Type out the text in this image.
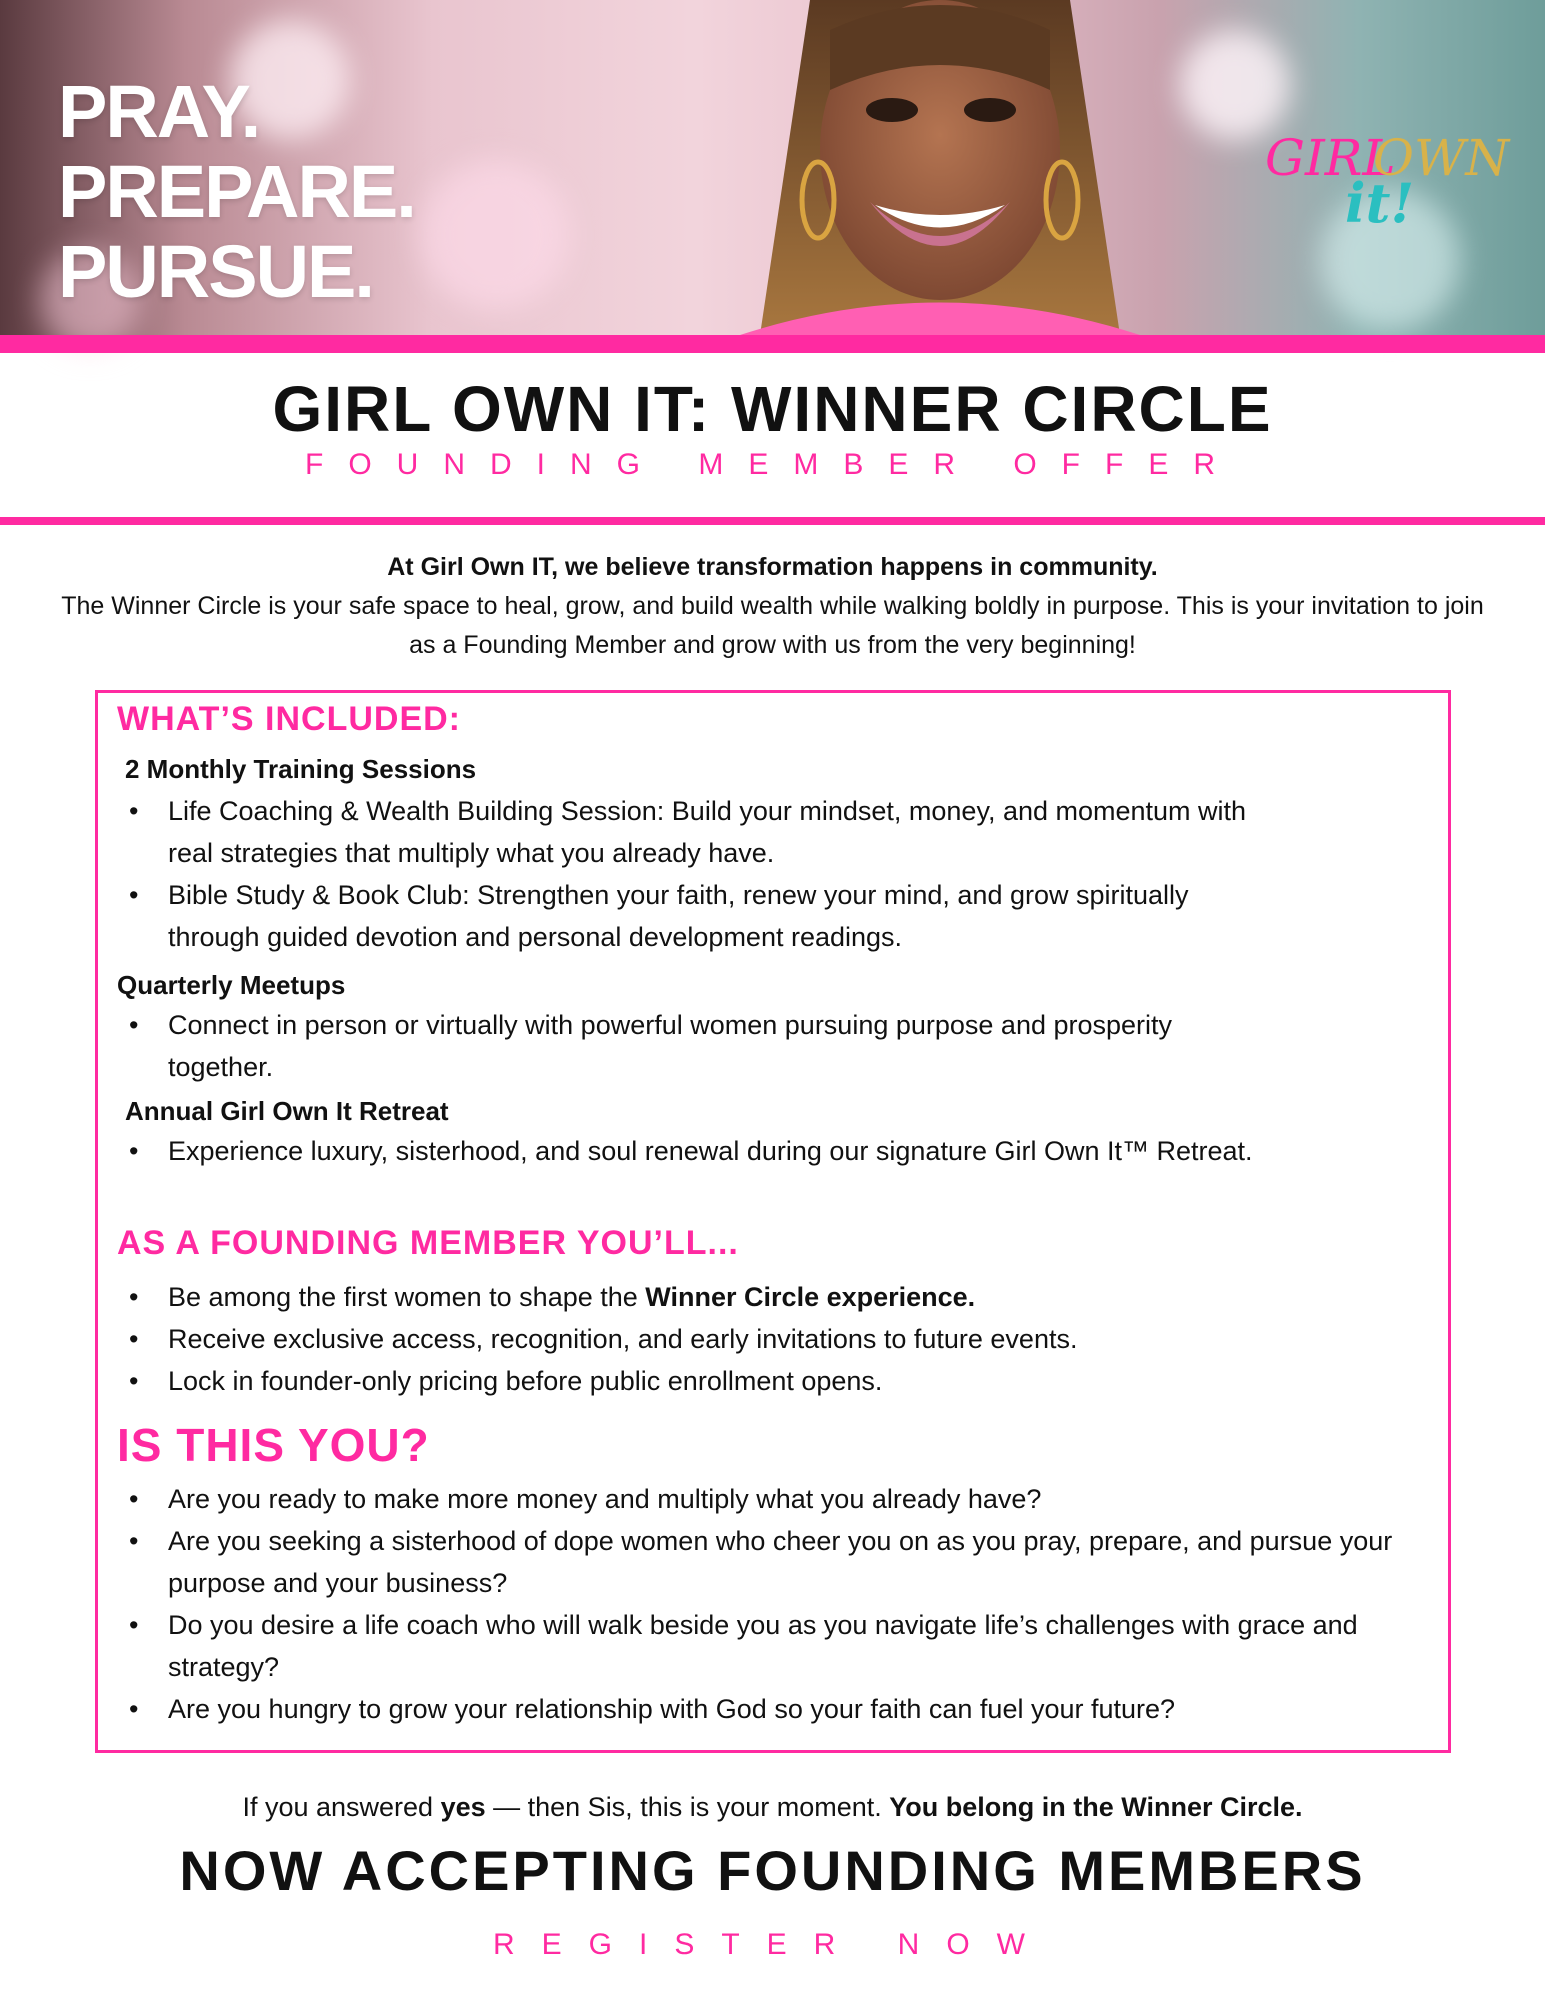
PRAY.
PREPARE.
PURSUE.
GIRL
OWN
it!
GIRL OWN IT: WINNER CIRCLE
FOUNDING MEMBER OFFER
At Girl Own IT, we believe transformation happens in community.
The Winner Circle is your safe space to heal, grow, and build wealth while walking boldly in purpose. This is your invitation to join as a Founding Member and grow with us from the very beginning!
WHAT’S INCLUDED:
2 Monthly Training Sessions
• Life Coaching & Wealth Building Session: Build your mindset, money, and momentum with real strategies that multiply what you already have.
• Bible Study & Book Club: Strengthen your faith, renew your mind, and grow spiritually through guided devotion and personal development readings.
Quarterly Meetups
• Connect in person or virtually with powerful women pursuing purpose and prosperity together.
Annual Girl Own It Retreat
• Experience luxury, sisterhood, and soul renewal during our signature Girl Own It™ Retreat.
AS A FOUNDING MEMBER YOU’LL...
• Be among the first women to shape the Winner Circle experience.
• Receive exclusive access, recognition, and early invitations to future events.
• Lock in founder-only pricing before public enrollment opens.
IS THIS YOU?
• Are you ready to make more money and multiply what you already have?
• Are you seeking a sisterhood of dope women who cheer you on as you pray, prepare, and pursue your purpose and your business?
• Do you desire a life coach who will walk beside you as you navigate life’s challenges with grace and strategy?
• Are you hungry to grow your relationship with God so your faith can fuel your future?
If you answered yes — then Sis, this is your moment. You belong in the Winner Circle.
NOW ACCEPTING FOUNDING MEMBERS
REGISTER NOW
